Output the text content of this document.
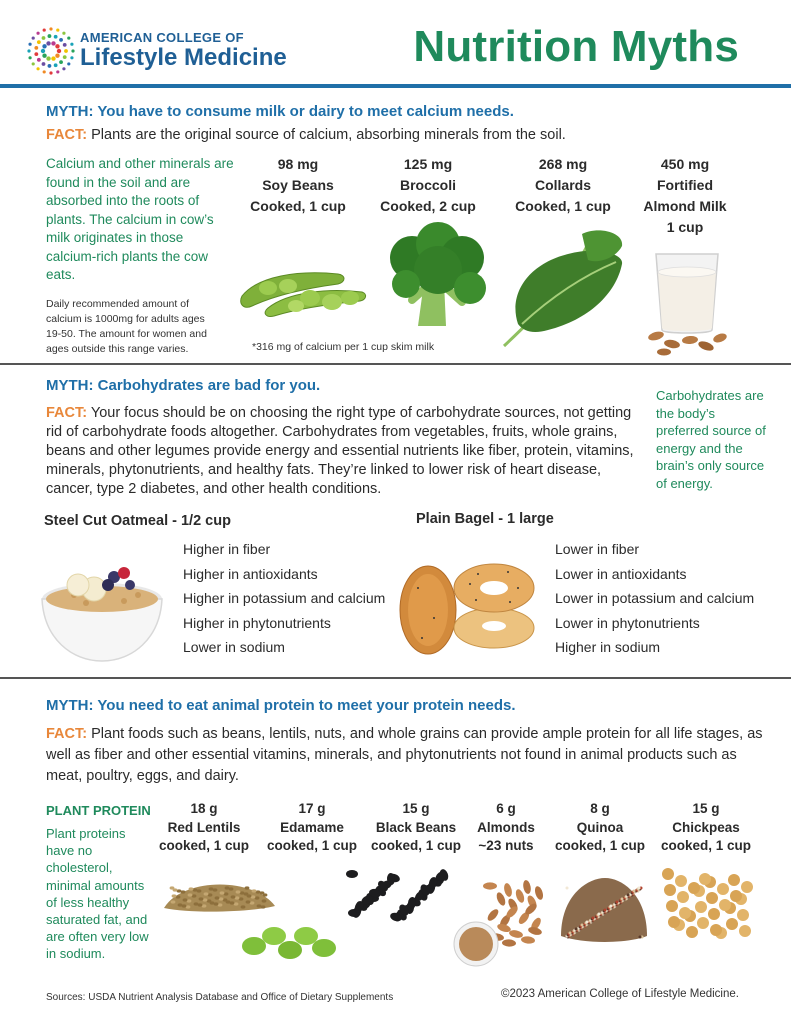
AMERICAN COLLEGE OF
Lifestyle Medicine	Nutrition Myths
MYTH: You have to consume milk or dairy to meet calcium needs.
FACT: Plants are the original source of calcium, absorbing minerals from the soil.
Calcium and other minerals are found in the soil and are absorbed into the roots of plants. The calcium in cow’s milk originates in those calcium-rich plants the cow eats.
Daily recommended amount of calcium is 1000mg for adults ages 19-50. The amount for women and ages outside this range varies.	*316 mg of calcium per 1 cup skim milk
98 mg
Soy Beans
Cooked, 1 cup
125 mg
Broccoli
Cooked, 2 cup
268 mg
Collards
Cooked, 1 cup
450 mg
Fortified
Almond Milk
1 cup
MYTH: Carbohydrates are bad for you.
FACT: Your focus should be on choosing the right type of carbohydrate sources, not getting rid of carbohydrate foods altogether. Carbohydrates from vegetables, fruits, whole grains, beans and other legumes provide energy and essential nutrients like fiber, protein, vitamins, minerals, phytonutrients, and healthy fats. They’re linked to lower risk of heart disease, cancer, type 2 diabetes, and other health conditions.
Carbohydrates are the body’s preferred source of energy and the brain’s only source of energy.
Steel Cut Oatmeal - 1/2 cup
Higher in fiber
Higher in antioxidants
Higher in potassium and calcium
Higher in phytonutrients
Lower in sodium
Plain Bagel - 1 large
Lower in fiber
Lower in antioxidants
Lower in potassium and calcium
Lower in phytonutrients
Higher in sodium
MYTH: You need to eat animal protein to meet your protein needs.
FACT: Plant foods such as beans, lentils, nuts, and whole grains can provide ample protein for all life stages, as well as fiber and other essential vitamins, minerals, and phytonutrients not found in animal products such as meat, poultry, eggs, and dairy.
PLANT PROTEIN
Plant proteins have no cholesterol, minimal amounts of less healthy saturated fat, and are often very low in sodium.
18 g
Red Lentils
cooked, 1 cup
17 g
Edamame
cooked, 1 cup
15 g
Black Beans
cooked, 1 cup
6 g
Almonds
~23 nuts
8 g
Quinoa
cooked, 1 cup
15 g
Chickpeas
cooked, 1 cup
Sources: USDA Nutrient Analysis Database and Office of Dietary Supplements	©2023 American College of Lifestyle Medicine.
